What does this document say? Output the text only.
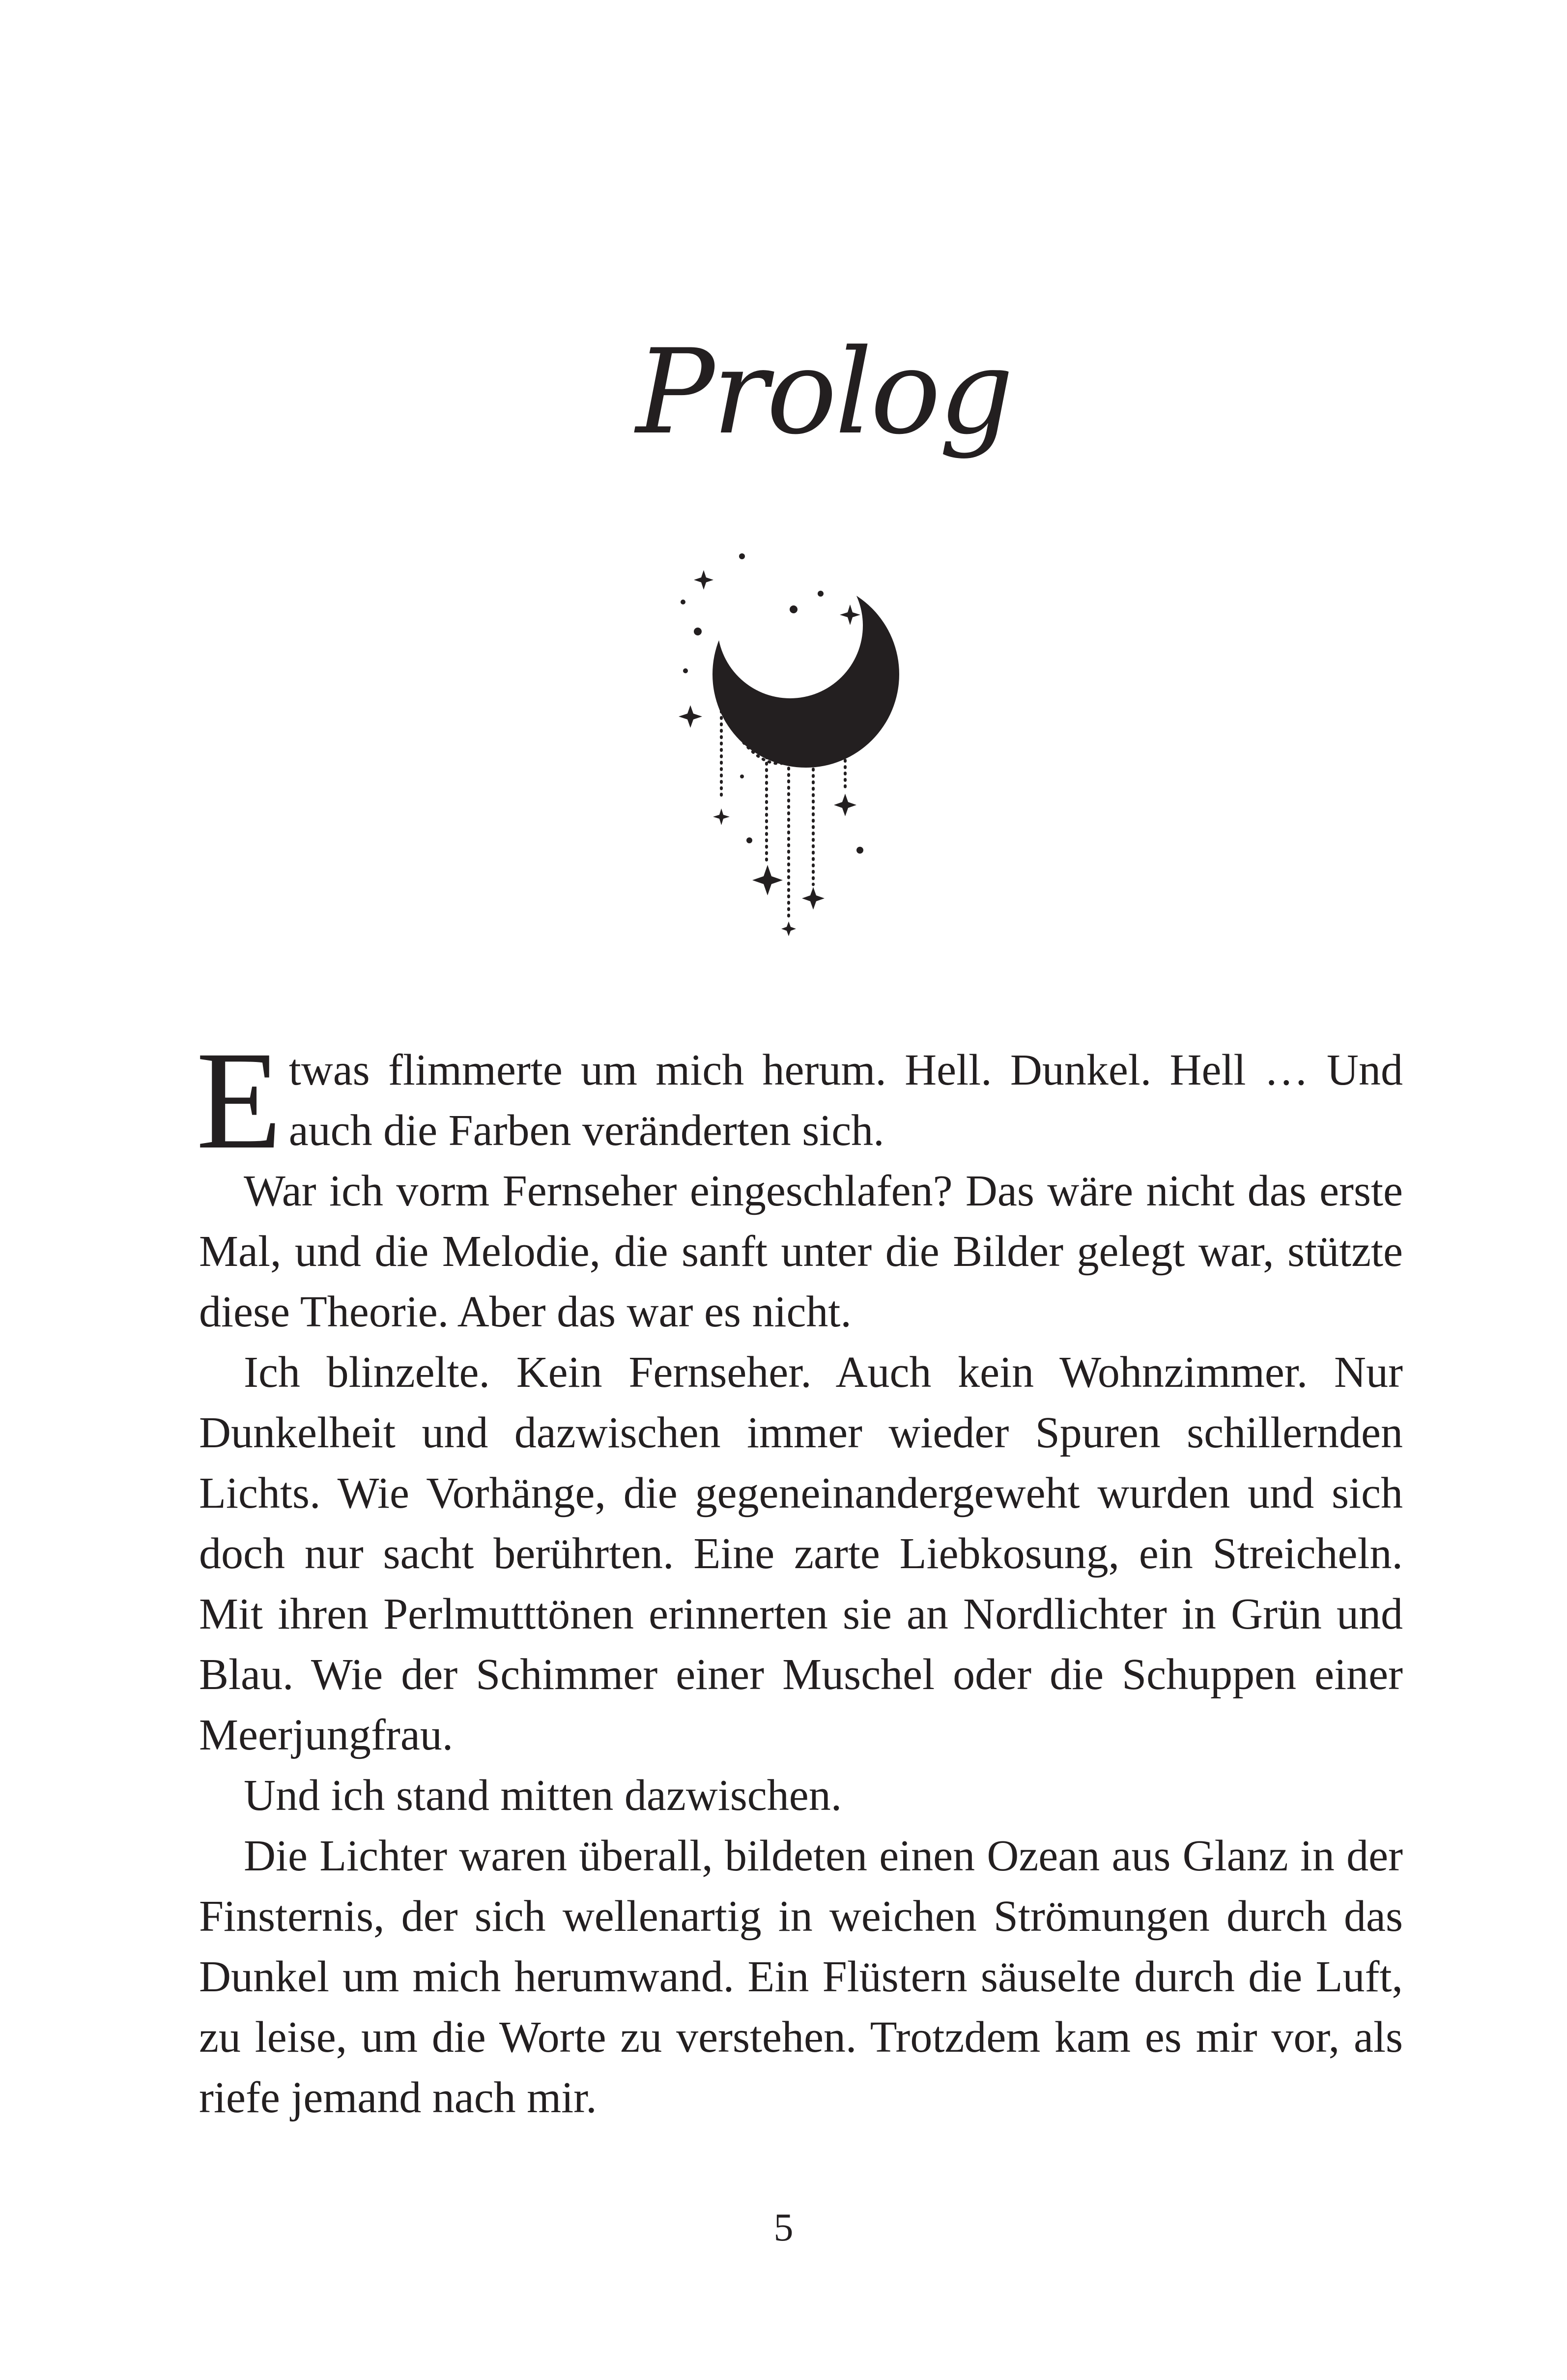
Prolog

Etwas flimmerte um mich herum. Hell. Dunkel. Hell … Und auch die Farben veränderten sich.

War ich vorm Fernseher eingeschlafen? Das wäre nicht das erste Mal, und die Melodie, die sanft unter die Bilder gelegt war, stützte diese Theorie. Aber das war es nicht.

Ich blinzelte. Kein Fernseher. Auch kein Wohnzimmer. Nur Dunkelheit und dazwischen immer wieder Spuren schillernden Lichts. Wie Vorhänge, die gegeneinandergeweht wurden und sich doch nur sacht berührten. Eine zarte Liebkosung, ein Streicheln. Mit ihren Perlmutttönen erinnerten sie an Nordlichter in Grün und Blau. Wie der Schimmer einer Muschel oder die Schuppen einer Meerjungfrau.

Und ich stand mitten dazwischen.

Die Lichter waren überall, bildeten einen Ozean aus Glanz in der Finsternis, der sich wellenartig in weichen Strömungen durch das Dunkel um mich herumwand. Ein Flüstern säuselte durch die Luft, zu leise, um die Worte zu verstehen. Trotzdem kam es mir vor, als riefe jemand nach mir.

5
